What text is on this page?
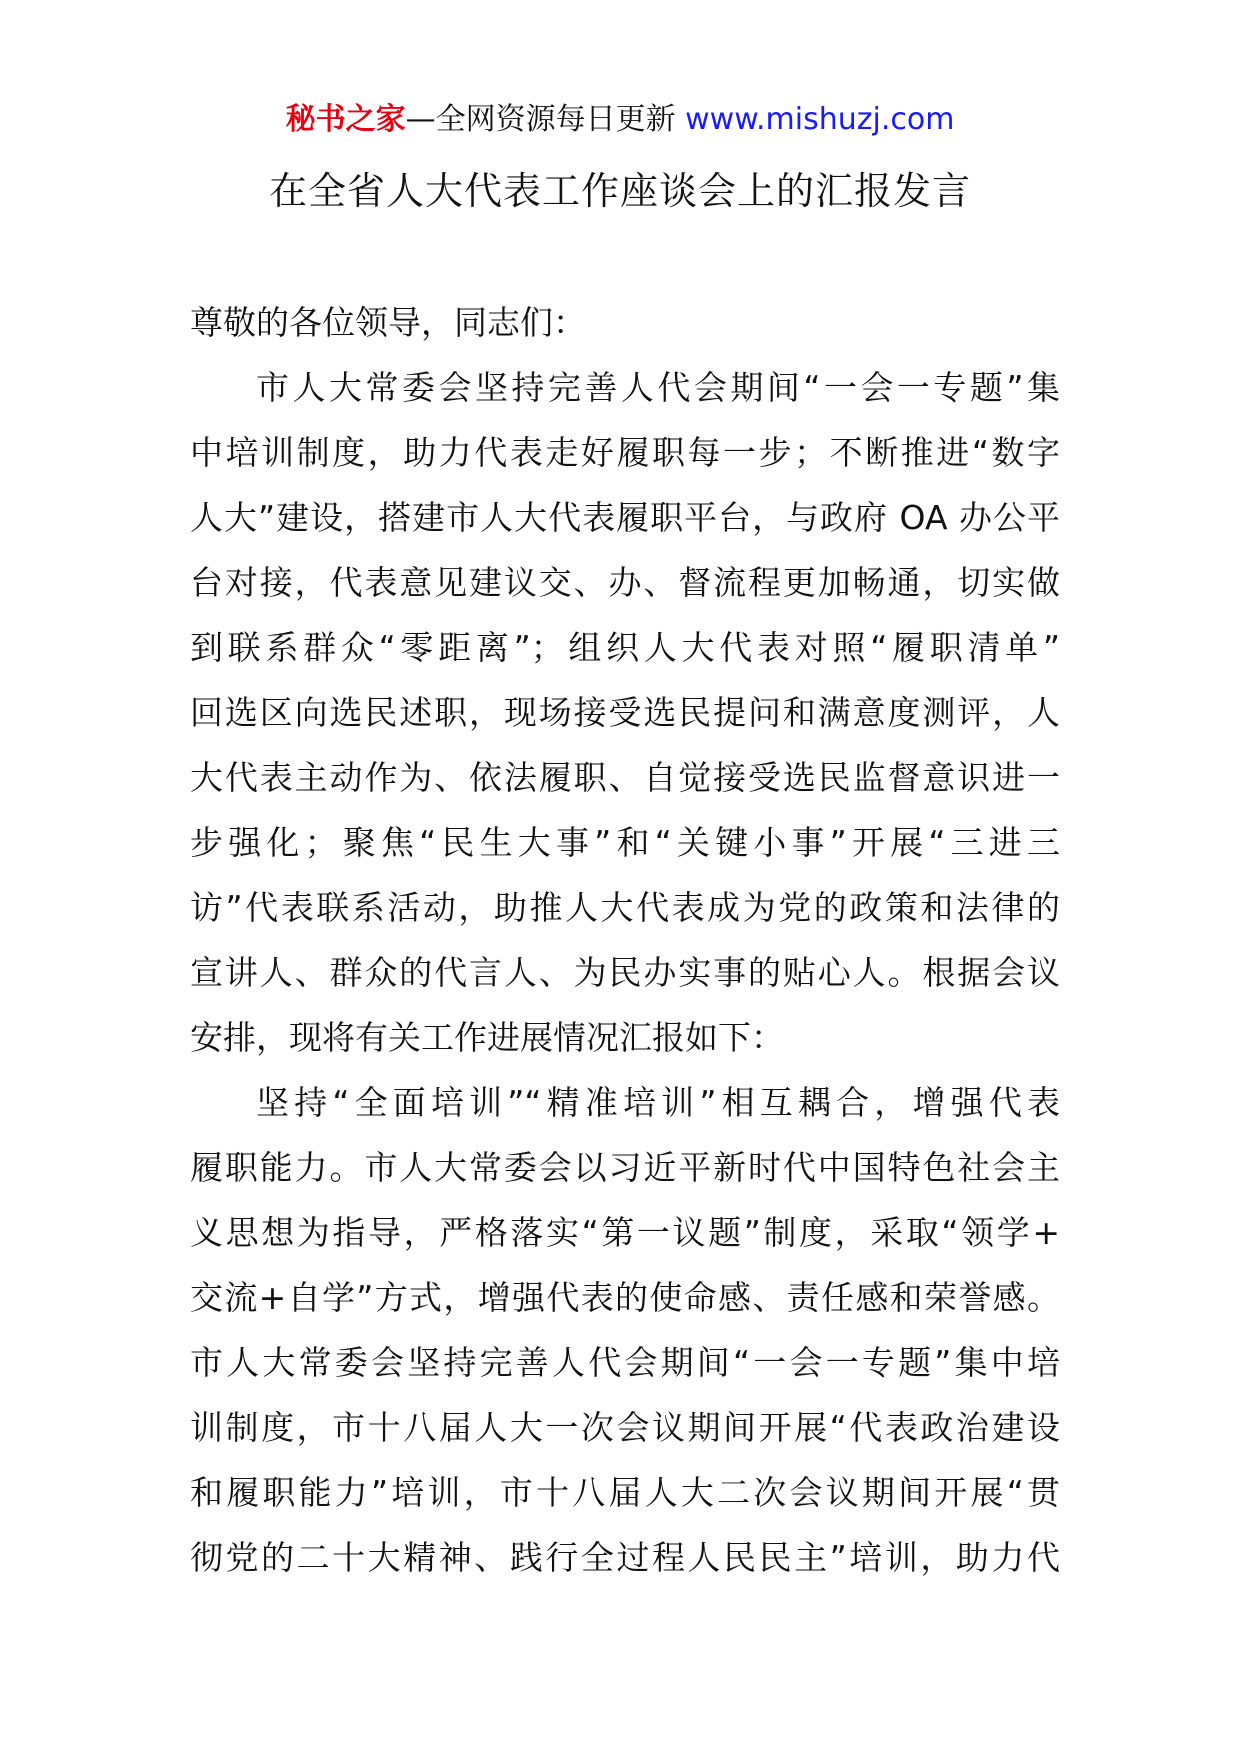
秘书之家—全网资源每日更新 www.mishuzj.com
在全省人大代表工作座谈会上的汇报发言
尊敬的各位领导，同志们：
市人大常委会坚持完善人代会期间“一会一专题”集
中培训制度，助力代表走好履职每一步；不断推进“数字
人大”建设，搭建市人大代表履职平台，与政府 OA 办公平
台对接，代表意见建议交、办、督流程更加畅通，切实做
到联系群众“零距离”；组织人大代表对照“履职清单”
回选区向选民述职，现场接受选民提问和满意度测评，人
大代表主动作为、依法履职、自觉接受选民监督意识进一
步强化；聚焦“民生大事”和“关键小事”开展“三进三
访”代表联系活动，助推人大代表成为党的政策和法律的
宣讲人、群众的代言人、为民办实事的贴心人。根据会议
安排，现将有关工作进展情况汇报如下：
坚持“全面培训”“精准培训”相互耦合，增强代表
履职能力。市人大常委会以习近平新时代中国特色社会主
义思想为指导，严格落实“第一议题”制度，采取“领学+
交流+自学”方式，增强代表的使命感、责任感和荣誉感。
市人大常委会坚持完善人代会期间“一会一专题”集中培
训制度，市十八届人大一次会议期间开展“代表政治建设
和履职能力”培训，市十八届人大二次会议期间开展“贯
彻党的二十大精神、践行全过程人民民主”培训，助力代
